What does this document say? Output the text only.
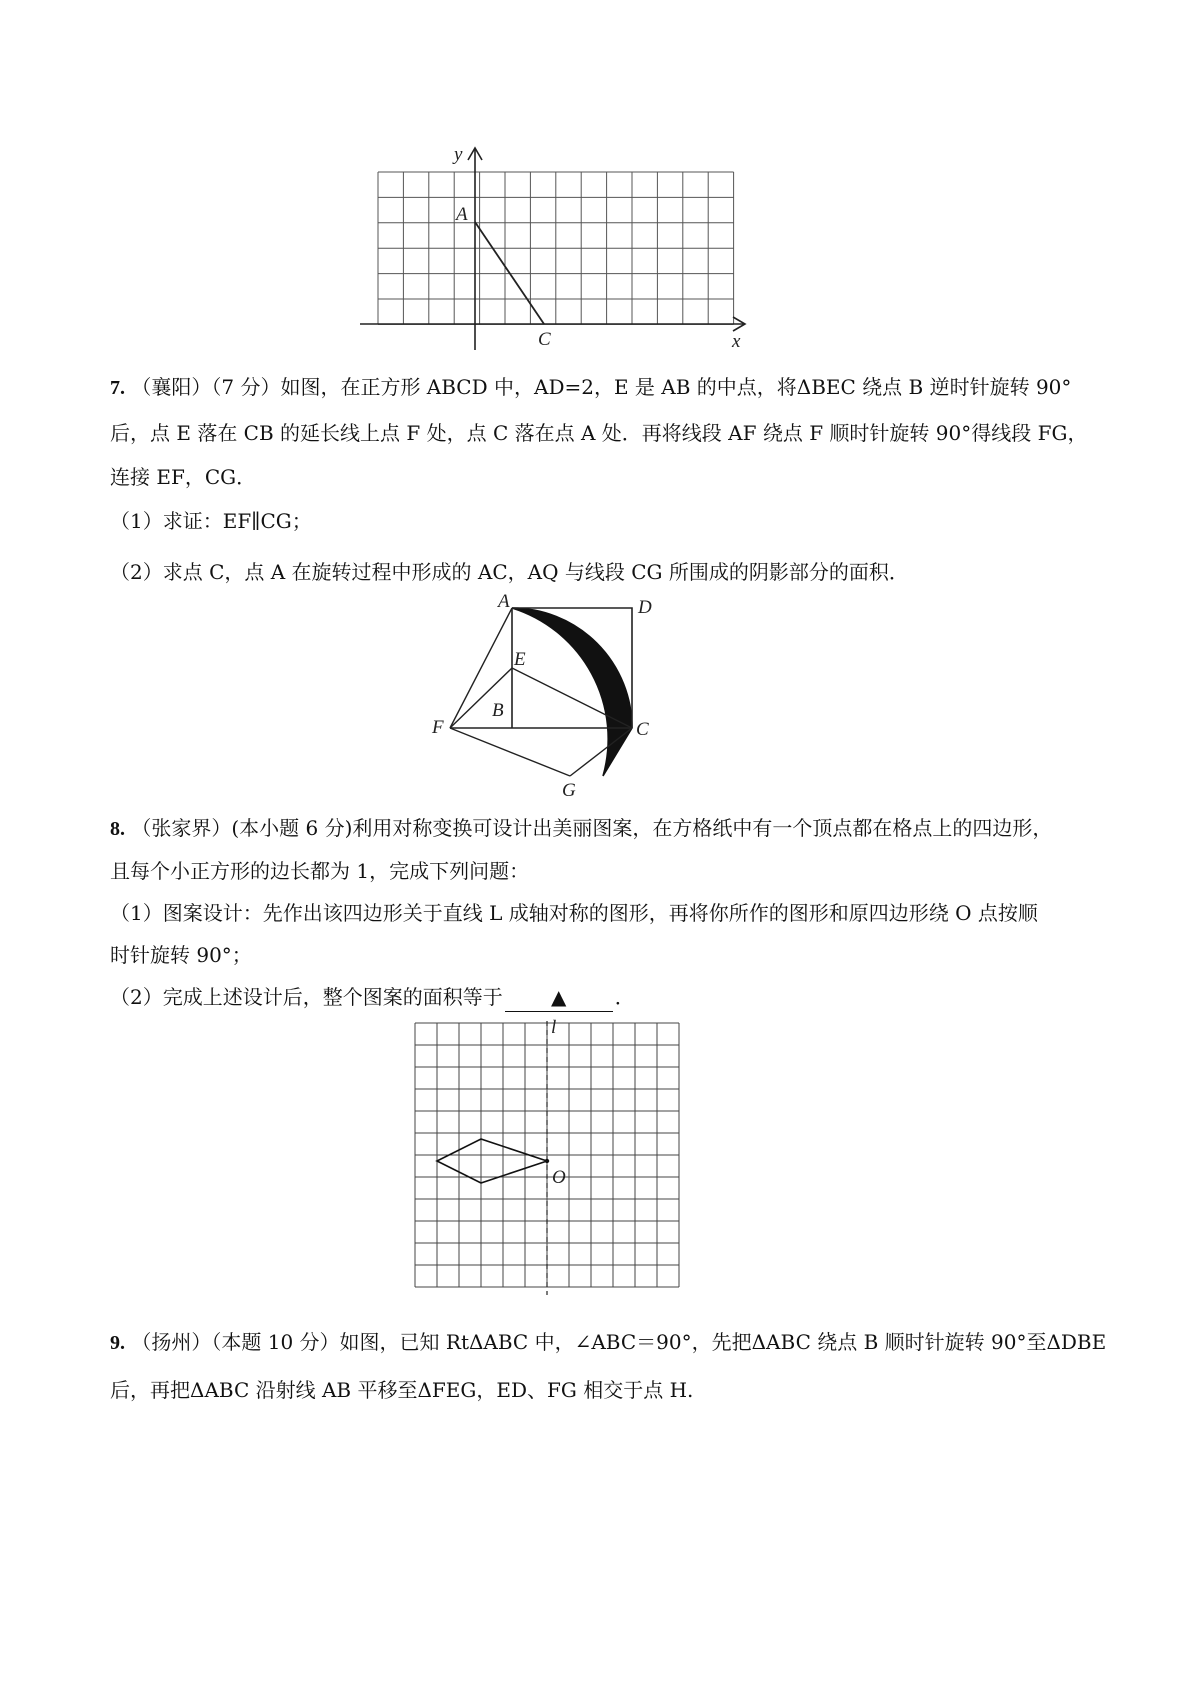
y
x
A
C
7. （襄阳）（7 分）如图，在正方形 ABCD 中，AD=2，E 是 AB 的中点，将ΔBEC 绕点 B 逆时针旋转 90°
后，点 E 落在 CB 的延长线上点 F 处，点 C 落在点 A 处．再将线段 AF 绕点 F 顺时针旋转 90°得线段 FG，
连接 EF，CG．
（1）求证：EF∥CG；
（2）求点 C，点 A 在旋转过程中形成的 AC，AQ 与线段 CG 所围成的阴影部分的面积．
A	D
E
B
F	C
G
8. （张家界）(本小题 6 分)利用对称变换可设计出美丽图案，在方格纸中有一个顶点都在格点上的四边形，
且每个小正方形的边长都为 1，完成下列问题：
（1）图案设计：先作出该四边形关于直线 L 成轴对称的图形，再将你所作的图形和原四边形绕 O 点按顺
时针旋转 90°；
（2）完成上述设计后，整个图案的面积等于 ▲ ．
l
O
9. （扬州）（本题 10 分）如图，已知 RtΔABC 中，∠ABC＝90°，先把ΔABC 绕点 B 顺时针旋转 90°至ΔDBE
后，再把ΔABC 沿射线 AB 平移至ΔFEG，ED、FG 相交于点 H.
